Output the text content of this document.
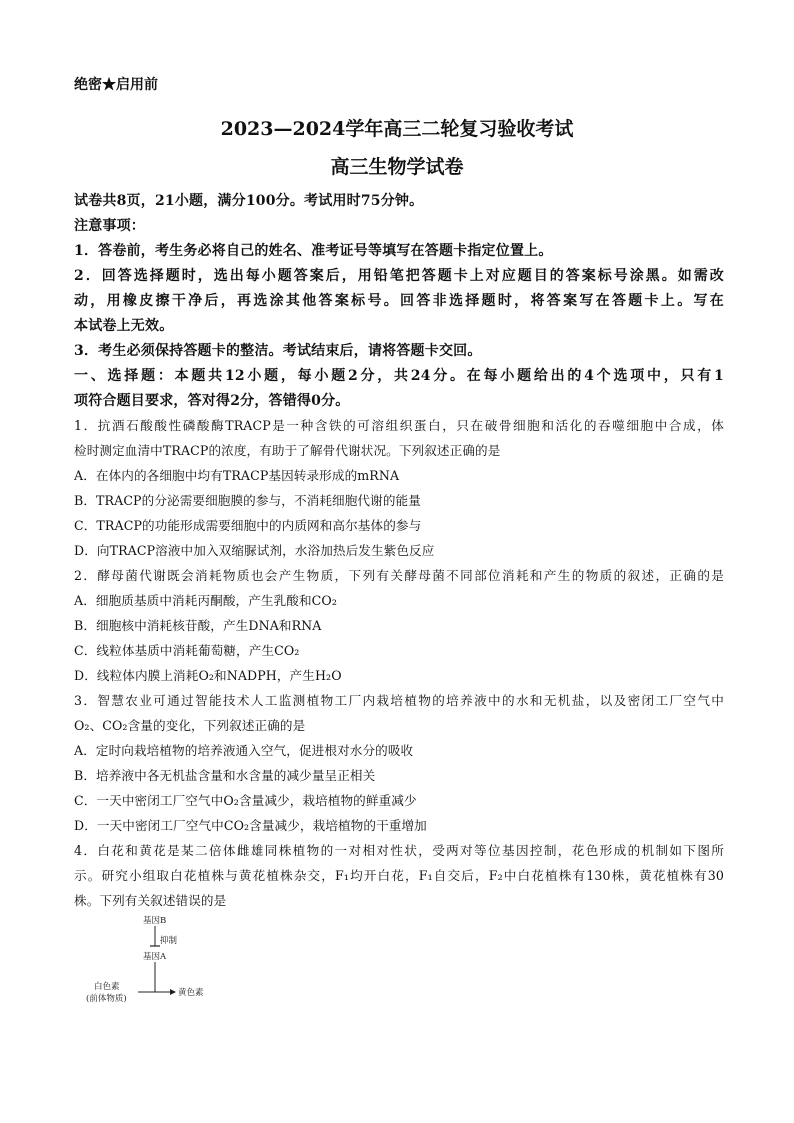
绝密★启用前
2023—2024学年高三二轮复习验收考试
高三生物学试卷
试卷共8页，21小题，满分100分。考试用时75分钟。
注意事项：
1．答卷前，考生务必将自己的姓名、准考证号等填写在答题卡指定位置上。
2．回答选择题时，选出每小题答案后，用铅笔把答题卡上对应题目的答案标号涂黑。如需改
动，用橡皮擦干净后，再选涂其他答案标号。回答非选择题时，将答案写在答题卡上。写在
本试卷上无效。
3．考生必须保持答题卡的整洁。考试结束后，请将答题卡交回。
一、选择题：本题共12小题，每小题2分，共24分。在每小题给出的4个选项中，只有1
项符合题目要求，答对得2分，答错得0分。
1．抗酒石酸酸性磷酸酶TRACP是一种含铁的可溶组织蛋白，只在破骨细胞和活化的吞噬细胞中合成，体
检时测定血清中TRACP的浓度，有助于了解骨代谢状况。下列叙述正确的是
A．在体内的各细胞中均有TRACP基因转录形成的mRNA
B．TRACP的分泌需要细胞膜的参与，不消耗细胞代谢的能量
C．TRACP的功能形成需要细胞中的内质网和高尔基体的参与
D．向TRACP溶液中加入双缩脲试剂，水浴加热后发生紫色反应
2．酵母菌代谢既会消耗物质也会产生物质，下列有关酵母菌不同部位消耗和产生的物质的叙述，正确的是
A．细胞质基质中消耗丙酮酸，产生乳酸和CO₂
B．细胞核中消耗核苷酸，产生DNA和RNA
C．线粒体基质中消耗葡萄糖，产生CO₂
D．线粒体内膜上消耗O₂和NADPH，产生H₂O
3．智慧农业可通过智能技术人工监测植物工厂内栽培植物的培养液中的水和无机盐，以及密闭工厂空气中
O₂、CO₂含量的变化，下列叙述正确的是
A．定时向栽培植物的培养液通入空气，促进根对水分的吸收
B．培养液中各无机盐含量和水含量的减少量呈正相关
C．一天中密闭工厂空气中O₂含量减少，栽培植物的鲜重减少
D．一天中密闭工厂空气中CO₂含量减少，栽培植物的干重增加
4．白花和黄花是某二倍体雌雄同株植物的一对相对性状，受两对等位基因控制，花色形成的机制如下图所
示。研究小组取白花植株与黄花植株杂交，F₁均开白花，F₁自交后，F₂中白花植株有130株，黄花植株有30
株。下列有关叙述错误的是
基因B
抑制
基因A
白色素
(前体物质)
黄色素
